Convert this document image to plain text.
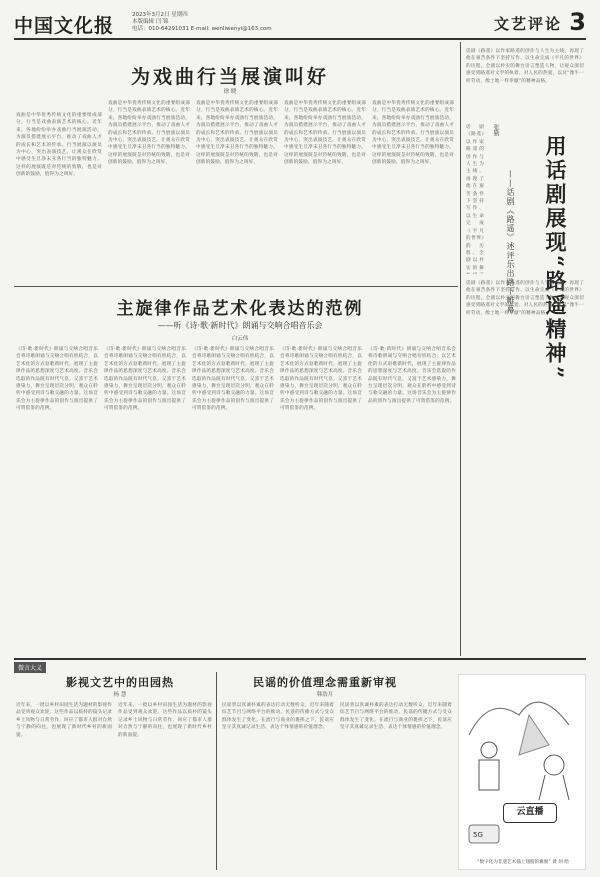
中国文化报	2023年3月2日 星期四
本版编辑 闫 锦
电话：010-64291031 E-mail: wenliwenyi@163.com	文艺评论 3
为戏曲行当展演叫好
徐 晓
戏曲是中华优秀传统文化的重要组成部分，行当是戏曲表演艺术的核心。近年来，各地纷纷举办戏曲行当展演活动，为演员搭建展示平台，推动了戏曲人才的成长和艺术的传承。行当展演以演员为中心，突出表演技艺，让观众在欣赏中感受生旦净末丑各行当的独特魅力。这样的展演既是对传统的致敬，也是对创新的鼓励，值得为之叫好。
戏曲是中华优秀传统文化的重要组成部分，行当是戏曲表演艺术的核心。近年来，各地纷纷举办戏曲行当展演活动，为演员搭建展示平台，推动了戏曲人才的成长和艺术的传承。行当展演以演员为中心，突出表演技艺，让观众在欣赏中感受生旦净末丑各行当的独特魅力。这样的展演既是对传统的致敬，也是对创新的鼓励，值得为之叫好。
戏曲是中华优秀传统文化的重要组成部分，行当是戏曲表演艺术的核心。近年来，各地纷纷举办戏曲行当展演活动，为演员搭建展示平台，推动了戏曲人才的成长和艺术的传承。行当展演以演员为中心，突出表演技艺，让观众在欣赏中感受生旦净末丑各行当的独特魅力。这样的展演既是对传统的致敬，也是对创新的鼓励，值得为之叫好。
戏曲是中华优秀传统文化的重要组成部分，行当是戏曲表演艺术的核心。近年来，各地纷纷举办戏曲行当展演活动，为演员搭建展示平台，推动了戏曲人才的成长和艺术的传承。行当展演以演员为中心，突出表演技艺，让观众在欣赏中感受生旦净末丑各行当的独特魅力。这样的展演既是对传统的致敬，也是对创新的鼓励，值得为之叫好。
戏曲是中华优秀传统文化的重要组成部分，行当是戏曲表演艺术的核心。近年来，各地纷纷举办戏曲行当展演活动，为演员搭建展示平台，推动了戏曲人才的成长和艺术的传承。行当展演以演员为中心，突出表演技艺，让观众在欣赏中感受生旦净末丑各行当的独特魅力。这样的展演既是对传统的致敬，也是对创新的鼓励，值得为之叫好。
话剧《路遥》以作家路遥的创作与人生为主线，再现了他在艰苦条件下坚持写作、以生命完成《平凡的世界》的历程。全剧以朴实的舞台语言塑造人物，让观众深切感受到路遥对文学的执着、对人民的热爱，以及“像牛一样劳动，像土地一样奉献”的精神品格。
张勤
——话剧《路遥》述评乐出路下帷幕	用话剧展现“路遥精神”
话剧《路遥》以作家路遥的创作与人生为主线，再现了他在艰苦条件下坚持写作、以生命完成《平凡的世界》的历程。全剧以朴实的舞
话剧《路遥》以作家路遥的创作与人生为主线，再现了他在艰苦条件下坚持写作、以生命完成《平凡的世界》的历程。全剧以朴实的舞台语言塑造人物，让观众深切感受到路遥对文学的执着、对人民的热爱，以及“像牛一样劳动，像土地一样奉献”的精神品格。
主旋律作品艺术化表达的范例
——听《诗·歌·新时代》朗诵与交响合唱音乐会
白云伟
《诗·歌·新时代》朗诵与交响合唱音乐会将诗歌朗诵与交响合唱有机结合，以艺术化的方式讴歌新时代，展现了主旋律作品的思想深度与艺术高度。音乐会选取的作品既有时代气息，又富于艺术感染力，舞台呈现层次分明，观众在聆听中感受到诗与歌交融的力量。这场音乐会为主旋律作品的创作与演出提供了可资借鉴的范例。
《诗·歌·新时代》朗诵与交响合唱音乐会将诗歌朗诵与交响合唱有机结合，以艺术化的方式讴歌新时代，展现了主旋律作品的思想深度与艺术高度。音乐会选取的作品既有时代气息，又富于艺术感染力，舞台呈现层次分明，观众在聆听中感受到诗与歌交融的力量。这场音乐会为主旋律作品的创作与演出提供了可资借鉴的范例。
《诗·歌·新时代》朗诵与交响合唱音乐会将诗歌朗诵与交响合唱有机结合，以艺术化的方式讴歌新时代，展现了主旋律作品的思想深度与艺术高度。音乐会选取的作品既有时代气息，又富于艺术感染力，舞台呈现层次分明，观众在聆听中感受到诗与歌交融的力量。这场音乐会为主旋律作品的创作与演出提供了可资借鉴的范例。
《诗·歌·新时代》朗诵与交响合唱音乐会将诗歌朗诵与交响合唱有机结合，以艺术化的方式讴歌新时代，展现了主旋律作品的思想深度与艺术高度。音乐会选取的作品既有时代气息，又富于艺术感染力，舞台呈现层次分明，观众在聆听中感受到诗与歌交融的力量。这场音乐会为主旋律作品的创作与演出提供了可资借鉴的范例。
《诗·歌·新时代》朗诵与交响合唱音乐会将诗歌朗诵与交响合唱有机结合，以艺术化的方式讴歌新时代，展现了主旋律作品的思想深度与艺术高度。音乐会选取的作品既有时代气息，又富于艺术感染力，舞台呈现层次分明，观众在聆听中感受到诗与歌交融的力量。这场音乐会为主旋律作品的创作与演出提供了可资借鉴的范例。
微言大义
影视文艺中的田园热
杨 慧
近年来，一批以乡村田园生活为题材的影视作品受到观众欢迎。这些作品以质朴的镜头记录乡土风物与日常劳作，回应了都市人群对自然与宁静的向往，也展现了新时代乡村的新面貌。
近年来，一批以乡村田园生活为题材的影视作品受到观众欢迎。这些作品以质朴的镜头记录乡土风物与日常劳作，回应了都市人群对自然与宁静的向往，也展现了新时代乡村的新面貌。
民谣的价值理念需重新审视
韩浩月
民谣曾以真诚朴素的表达打动无数听众，近年来随着综艺节目与网络平台的推动，民谣的传播方式与受众群体发生了变化。在流行与商业的裹挟之下，民谣应坚守其真诚记录生活、表达个体情感的价值理念。
民谣曾以真诚朴素的表达打动无数听众，近年来随着综艺节目与网络平台的推动，民谣的传播方式与受众群体发生了变化。在流行与商业的裹挟之下，民谣应坚守其真诚记录生活、表达个体情感的价值理念。
5G
云直播
“数字化为非遗艺术插上翅膀的翼膀” 黄 珂 绘
